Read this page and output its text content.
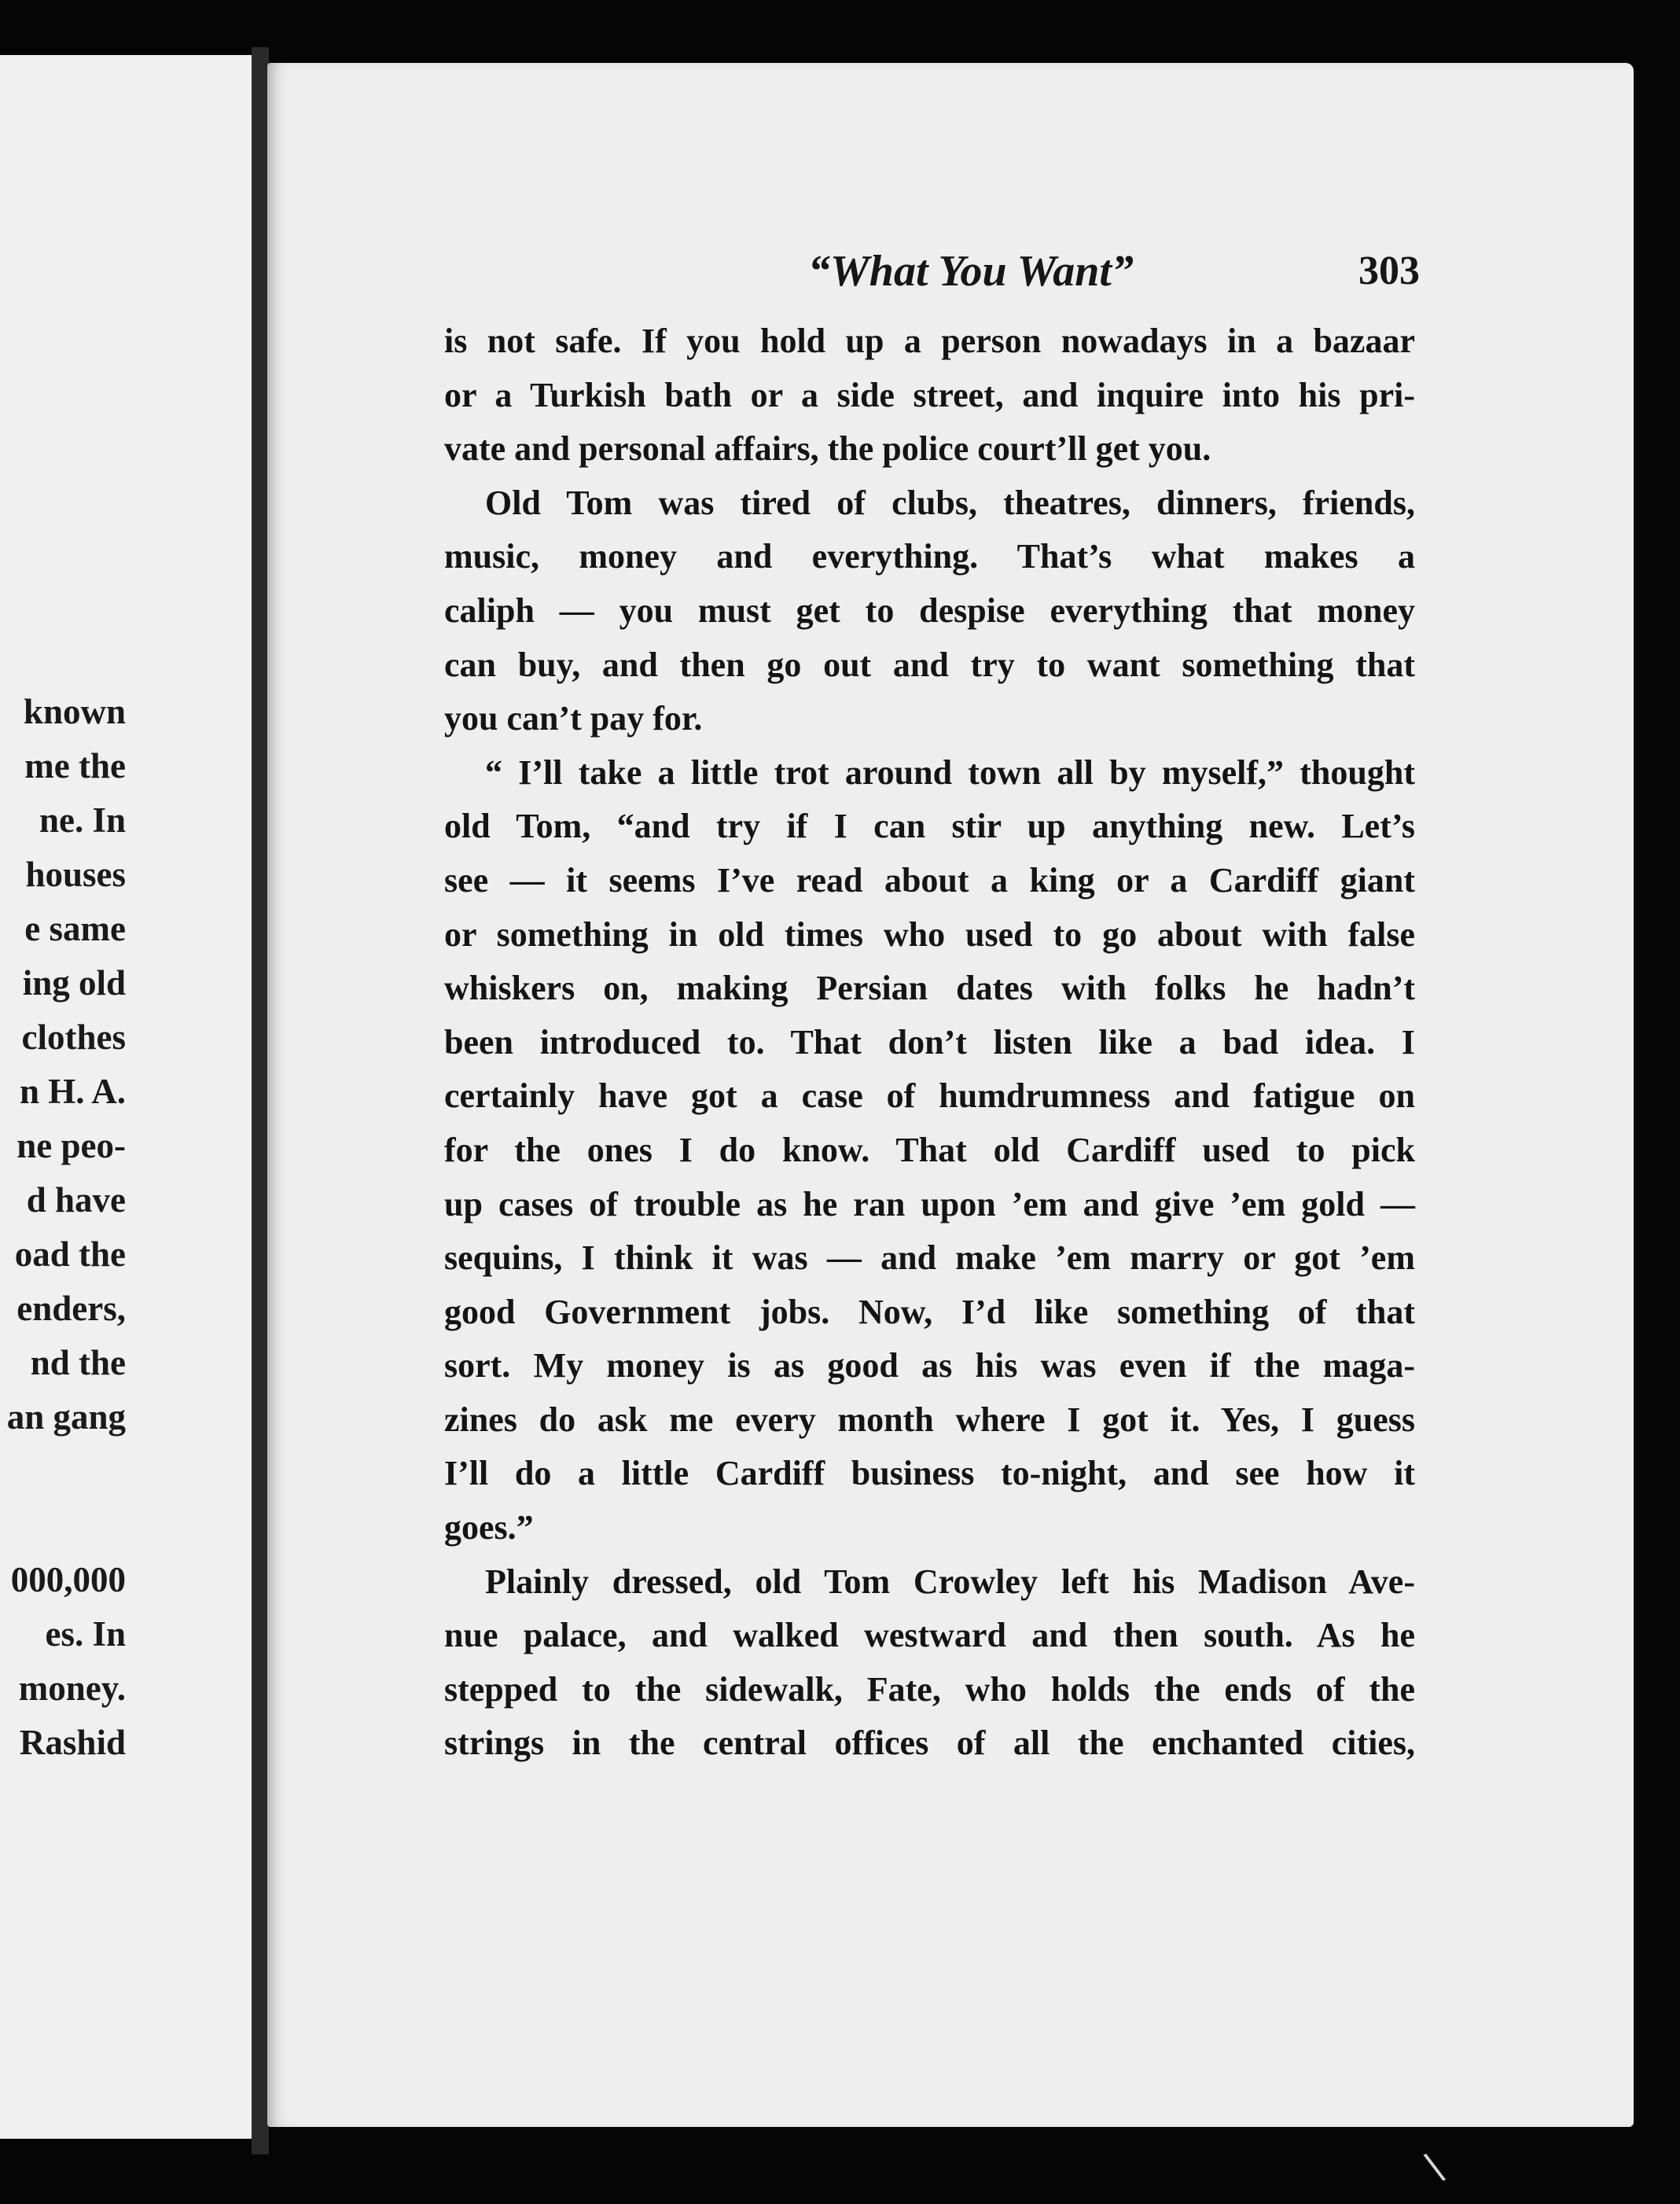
known
me the
ne. In
houses
e same
ing old
clothes
n H. A.
ne peo-
d have
oad the
enders,
nd the
an gang
000,000
es. In
money.
Rashid
“What You Want”	303
is not safe. If you hold up a person nowadays in a bazaar
or a Turkish bath or a side street, and inquire into his pri-
vate and personal affairs, the police court’ll get you.
Old Tom was tired of clubs, theatres, dinners, friends,
music, money and everything. That’s what makes a
caliph — you must get to despise everything that money
can buy, and then go out and try to want something that
you can’t pay for.
“ I’ll take a little trot around town all by myself,” thought
old Tom, “and try if I can stir up anything new. Let’s
see — it seems I’ve read about a king or a Cardiff giant
or something in old times who used to go about with false
whiskers on, making Persian dates with folks he hadn’t
been introduced to. That don’t listen like a bad idea. I
certainly have got a case of humdrumness and fatigue on
for the ones I do know. That old Cardiff used to pick
up cases of trouble as he ran upon ’em and give ’em gold —
sequins, I think it was — and make ’em marry or got ’em
good Government jobs. Now, I’d like something of that
sort. My money is as good as his was even if the maga-
zines do ask me every month where I got it. Yes, I guess
I’ll do a little Cardiff business to-night, and see how it
goes.”
Plainly dressed, old Tom Crowley left his Madison Ave-
nue palace, and walked westward and then south. As he
stepped to the sidewalk, Fate, who holds the ends of the
strings in the central offices of all the enchanted cities,
∖
